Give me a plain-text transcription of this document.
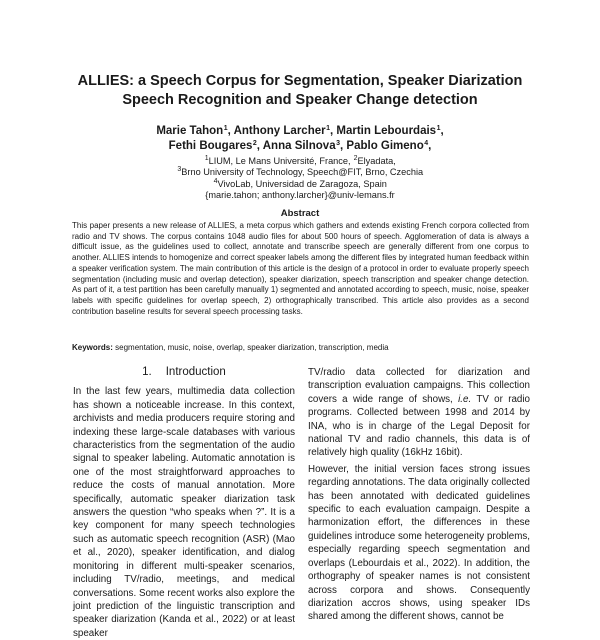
ALLIES: a Speech Corpus for Segmentation, Speaker Diarization
Speech Recognition and Speaker Change detection
Marie Tahon$^1$, Anthony Larcher$^1$, Martin Lebourdais$^1$,
Fethi Bougares$^2$, Anna Silnova$^3$, Pablo Gimeno$^4$,
$^1$LIUM, Le Mans Université, France, $^2$Elyadata,
$^3$Brno University of Technology, Speech@FIT, Brno, Czechia
$^4$VivoLab, Universidad de Zaragoza, Spain
{marie.tahon; anthony.larcher}@univ-lemans.fr
Abstract

This paper presents a new release of ALLIES, a meta corpus which gathers and extends existing French corpora collected from radio and TV shows. The corpus contains 1048 audio files for about 500 hours of speech. Agglomeration of data is always a difficult issue, as the guidelines used to collect, annotate and transcribe speech are generally different from one corpus to another. ALLIES intends to homogenize and correct speaker labels among the different files by integrated human feedback within a speaker verification system. The main contribution of this article is the design of a protocol in order to evaluate properly speech segmentation (including music and overlap detection), speaker diarization, speech transcription and speaker change detection. As part of it, a test partition has been carefully manually 1) segmented and annotated according to speech, music, noise, speaker labels with specific guidelines for overlap speech, 2) orthographically transcribed. This article also provides as a second contribution baseline results for several speech processing tasks.

Keywords: segmentation, music, noise, overlap, speaker diarization, transcription, media

1. Introduction

In the last few years, multimedia data collection has shown a noticeable increase. In this context, archivists and media producers require storing and indexing these large-scale databases with various characteristics from the segmentation of the audio signal to speaker labeling. Automatic annotation is one of the most straightforward approaches to reduce the costs of manual annotation. More specifically, automatic speaker diarization task answers the question “who speaks when ?”. It is a key component for many speech technologies such as automatic speech recognition (ASR) (Mao et al., 2020), speaker identification, and dialog monitoring in different multi-speaker scenarios, including TV/radio, meetings, and medical conversations. Some recent works also explore the joint prediction of the linguistic transcription and speaker diarization (Kanda et al., 2022) or at least speaker

TV/radio data collected for diarization and transcription evaluation campaigns. This collection covers a wide range of shows, i.e. TV or radio programs. Collected between 1998 and 2014 by INA, who is in charge of the Legal Deposit for national TV and radio channels, this data is of relatively high quality (16kHz 16bit).

However, the initial version faces strong issues regarding annotations. The data originally collected has been annotated with dedicated guidelines specific to each evaluation campaign. Despite a harmonization effort, the differences in these guidelines introduce some heterogeneity problems, especially regarding speech segmentation and overlaps (Lebourdais et al., 2022). In addition, the orthography of speaker names is not consistent across corpora and shows. Consequently diarization accros shows, using speaker IDs shared among the different shows, cannot be
